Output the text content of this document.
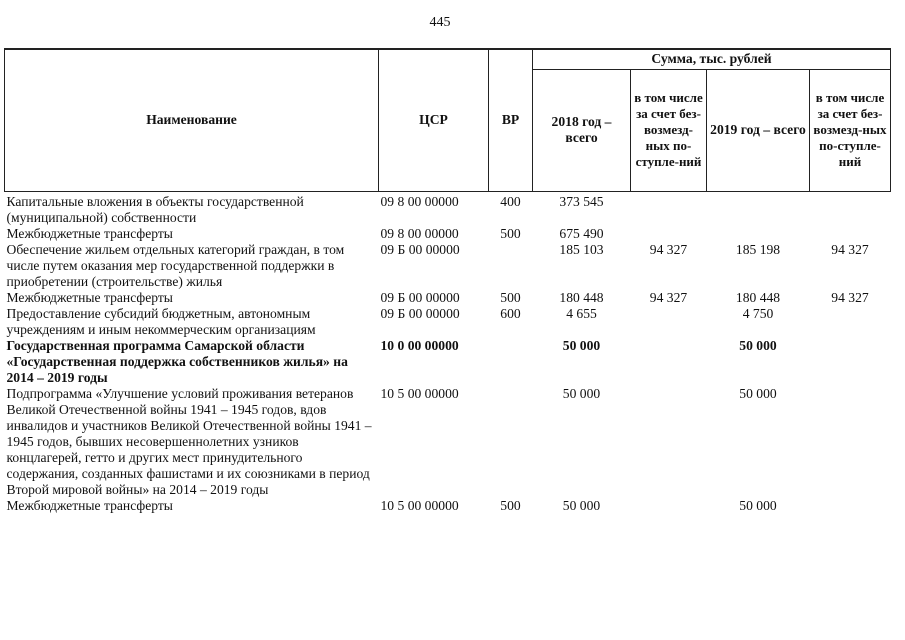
445
Наименование	ЦСР	ВР	Сумма, тыс. рублей			
			2018 год – всего	в том числе за счет без-возмезд-ных по-ступле-ний	2019 год – всего	в том числе за счет без-возмезд-ных по-ступле-ний
Капитальные вложения в объекты государственной (муниципальной) собственности	09 8 00 00000	400	373 545			
Межбюджетные трансферты	09 8 00 00000	500	675 490			
Обеспечение жильем отдельных категорий граждан, в том числе путем оказания мер государственной поддержки в приобретении (строительстве) жилья	09 Б 00 00000		185 103	94 327	185 198	94 327
Межбюджетные трансферты	09 Б 00 00000	500	180 448	94 327	180 448	94 327
Предоставление субсидий бюджетным, автономным учреждениям и иным некоммерческим организациям	09 Б 00 00000	600	4 655		4 750	
Государственная программа Самарской области «Государственная поддержка собственников жилья» на 2014 – 2019 годы	10 0 00 00000		50 000		50 000	
Подпрограмма «Улучшение условий проживания ветеранов Великой Отечественной войны 1941 – 1945 годов, вдов инвалидов и участников Великой Отечественной войны 1941 – 1945 годов, бывших несовершеннолетних узников концлагерей, гетто и других мест принудительного содержания, созданных фашистами и их союзниками в период Второй мировой войны» на 2014 – 2019 годы	10 5 00 00000		50 000		50 000	
Межбюджетные трансферты	10 5 00 00000	500	50 000		50 000	
